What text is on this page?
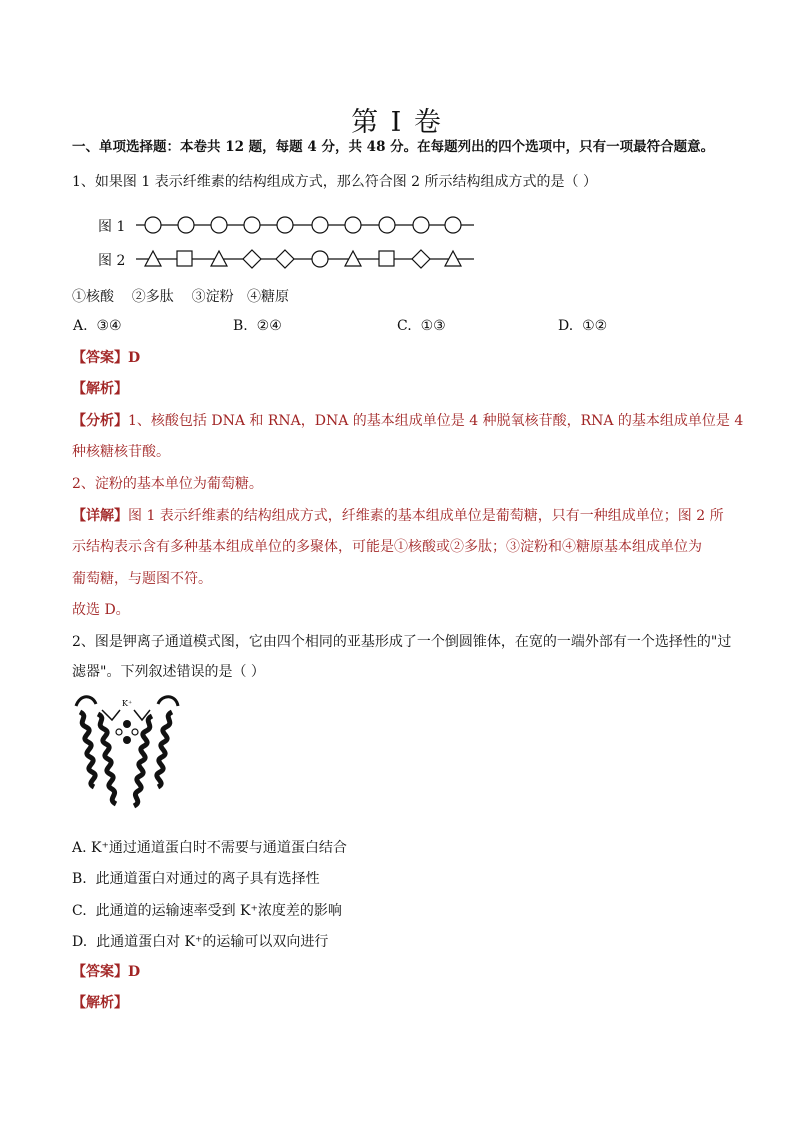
第 I 卷
一、单项选择题：本卷共 12 题，每题 4 分，共 48 分。在每题列出的四个选项中，只有一项最符合题意。
1、如果图 1 表示纤维素的结构组成方式，那么符合图 2 所示结构组成方式的是（ ）
图 1
图 2
①核酸    ②多肽    ③淀粉   ④糖原
A.  ③④	B.  ②④	C.  ①③	D.  ①②
【答案】D
【解析】
【分析】1、核酸包括 DNA 和 RNA，DNA 的基本组成单位是 4 种脱氧核苷酸，RNA 的基本组成单位是 4
种核糖核苷酸。
2、淀粉的基本单位为葡萄糖。
【详解】图 1 表示纤维素的结构组成方式，纤维素的基本组成单位是葡萄糖，只有一种组成单位；图 2 所
示结构表示含有多种基本组成单位的多聚体，可能是①核酸或②多肽；③淀粉和④糖原基本组成单位为
葡萄糖，与题图不符。
故选 D。
2、图是钾离子通道模式图，它由四个相同的亚基形成了一个倒圆锥体，在宽的一端外部有一个选择性的"过
滤器"。下列叙述错误的是（ ）
K⁺
A. K⁺通过通道蛋白时不需要与通道蛋白结合
B.  此通道蛋白对通过的离子具有选择性
C.  此通道的运输速率受到 K⁺浓度差的影响
D.  此通道蛋白对 K⁺的运输可以双向进行
【答案】D
【解析】
